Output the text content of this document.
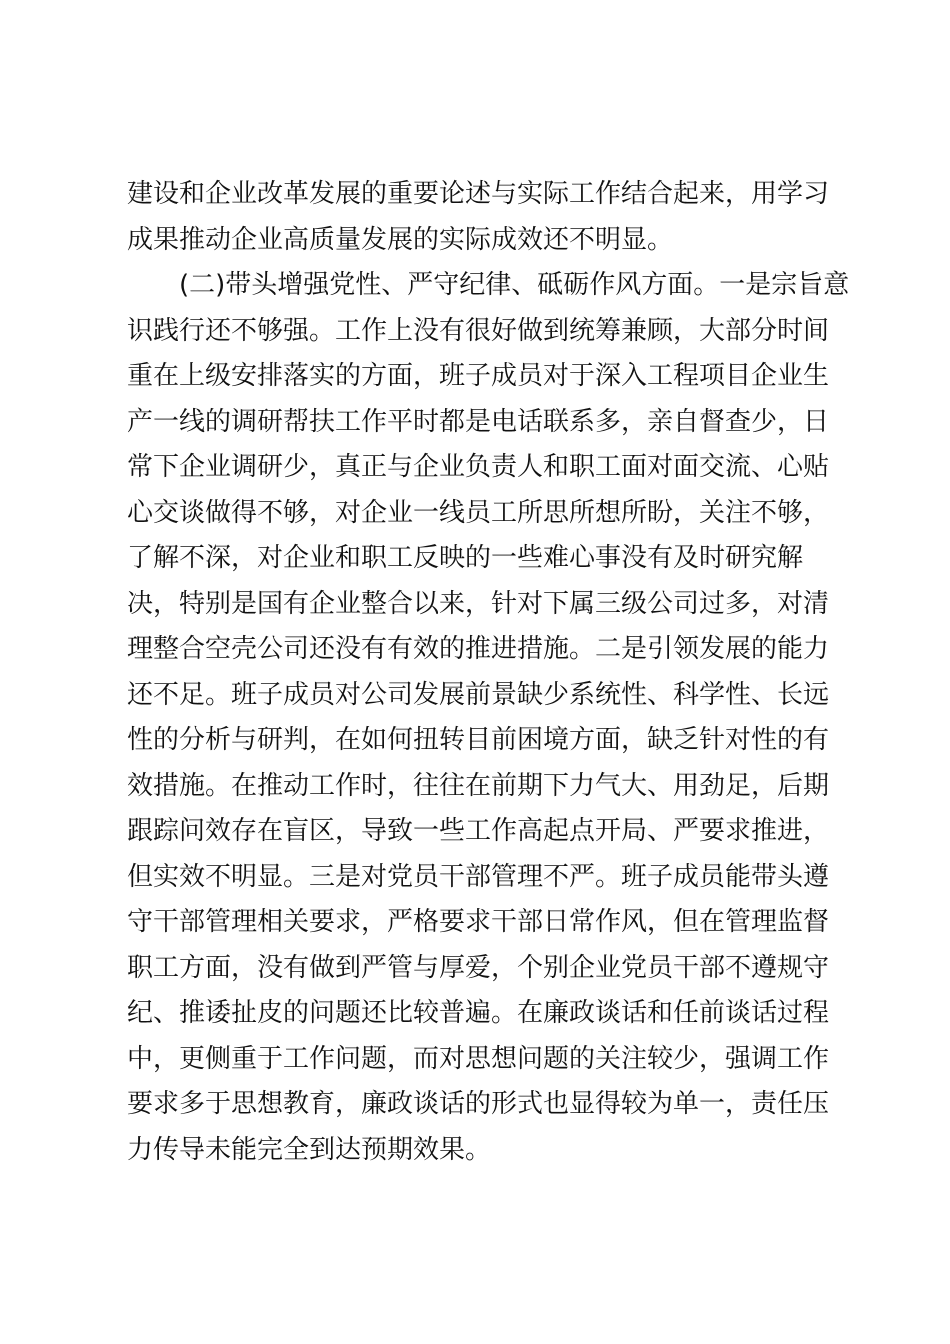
建设和企业改革发展的重要论述与实际工作结合起来，用学习
成果推动企业高质量发展的实际成效还不明显。
(二)带头增强党性、严守纪律、砥砺作风方面。一是宗旨意
识践行还不够强。工作上没有很好做到统筹兼顾，大部分时间
重在上级安排落实的方面，班子成员对于深入工程项目企业生
产一线的调研帮扶工作平时都是电话联系多，亲自督查少，日
常下企业调研少，真正与企业负责人和职工面对面交流、心贴
心交谈做得不够，对企业一线员工所思所想所盼，关注不够，
了解不深，对企业和职工反映的一些难心事没有及时研究解
决，特别是国有企业整合以来，针对下属三级公司过多，对清
理整合空壳公司还没有有效的推进措施。二是引领发展的能力
还不足。班子成员对公司发展前景缺少系统性、科学性、长远
性的分析与研判，在如何扭转目前困境方面，缺乏针对性的有
效措施。在推动工作时，往往在前期下力气大、用劲足，后期
跟踪问效存在盲区，导致一些工作高起点开局、严要求推进，
但实效不明显。三是对党员干部管理不严。班子成员能带头遵
守干部管理相关要求，严格要求干部日常作风，但在管理监督
职工方面，没有做到严管与厚爱，个别企业党员干部不遵规守
纪、推诿扯皮的问题还比较普遍。在廉政谈话和任前谈话过程
中，更侧重于工作问题，而对思想问题的关注较少，强调工作
要求多于思想教育，廉政谈话的形式也显得较为单一，责任压
力传导未能完全到达预期效果。
